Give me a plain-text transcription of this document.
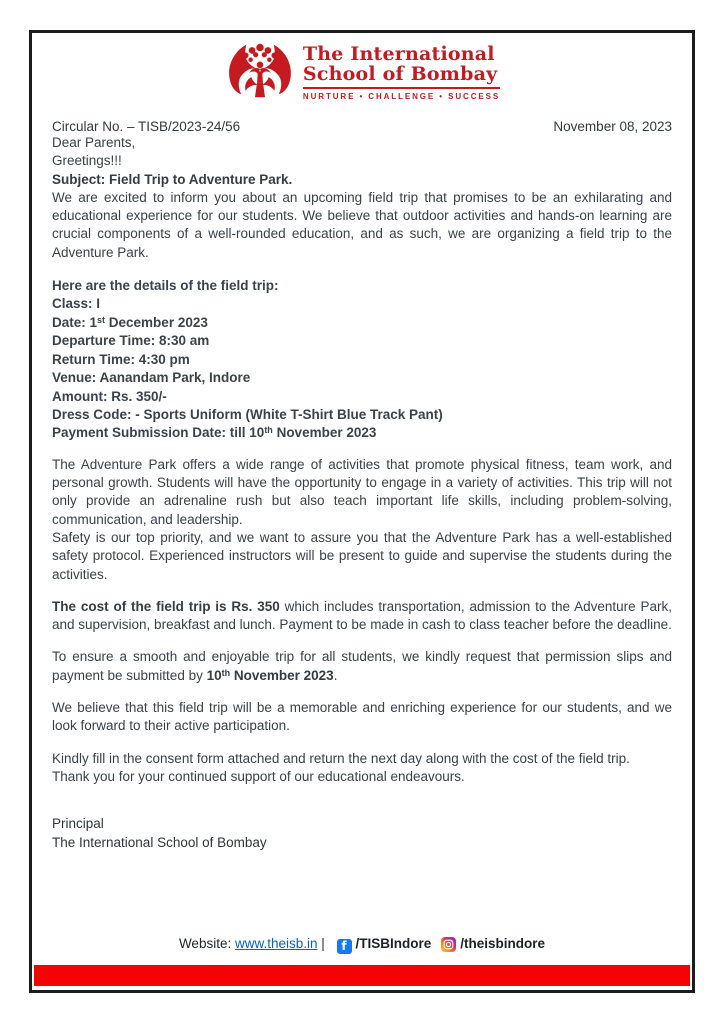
The International
School of Bombay
NURTURE • CHALLENGE • SUCCESS
Circular No. – TISB/2023-24/56	November 08, 2023

Dear Parents,
Greetings!!!

Subject: Field Trip to Adventure Park.

We are excited to inform you about an upcoming field trip that promises to be an exhilarating and educational experience for our students. We believe that outdoor activities and hands-on learning are crucial components of a well-rounded education, and as such, we are organizing a field trip to the Adventure Park.

Here are the details of the field trip:
Class: I
Date: 1st December 2023
Departure Time: 8:30 am
Return Time: 4:30 pm
Venue: Aanandam Park, Indore
Amount: Rs. 350/-
Dress Code: - Sports Uniform (White T-Shirt Blue Track Pant)
Payment Submission Date: till 10th November 2023

The Adventure Park offers a wide range of activities that promote physical fitness, team work, and personal growth. Students will have the opportunity to engage in a variety of activities. This trip will not only provide an adrenaline rush but also teach important life skills, including problem-solving, communication, and leadership.

Safety is our top priority, and we want to assure you that the Adventure Park has a well-established safety protocol. Experienced instructors will be present to guide and supervise the students during the activities.

The cost of the field trip is Rs. 350 which includes transportation, admission to the Adventure Park, and supervision, breakfast and lunch. Payment to be made in cash to class teacher before the deadline.

To ensure a smooth and enjoyable trip for all students, we kindly request that permission slips and payment be submitted by 10th November 2023.

We believe that this field trip will be a memorable and enriching experience for our students, and we look forward to their active participation.

Kindly fill in the consent form attached and return the next day along with the cost of the field trip.

Thank you for your continued support of our educational endeavours.

Principal
The International School of Bombay
Website: www.theisb.in | f /TISBIndore /theisbindore
